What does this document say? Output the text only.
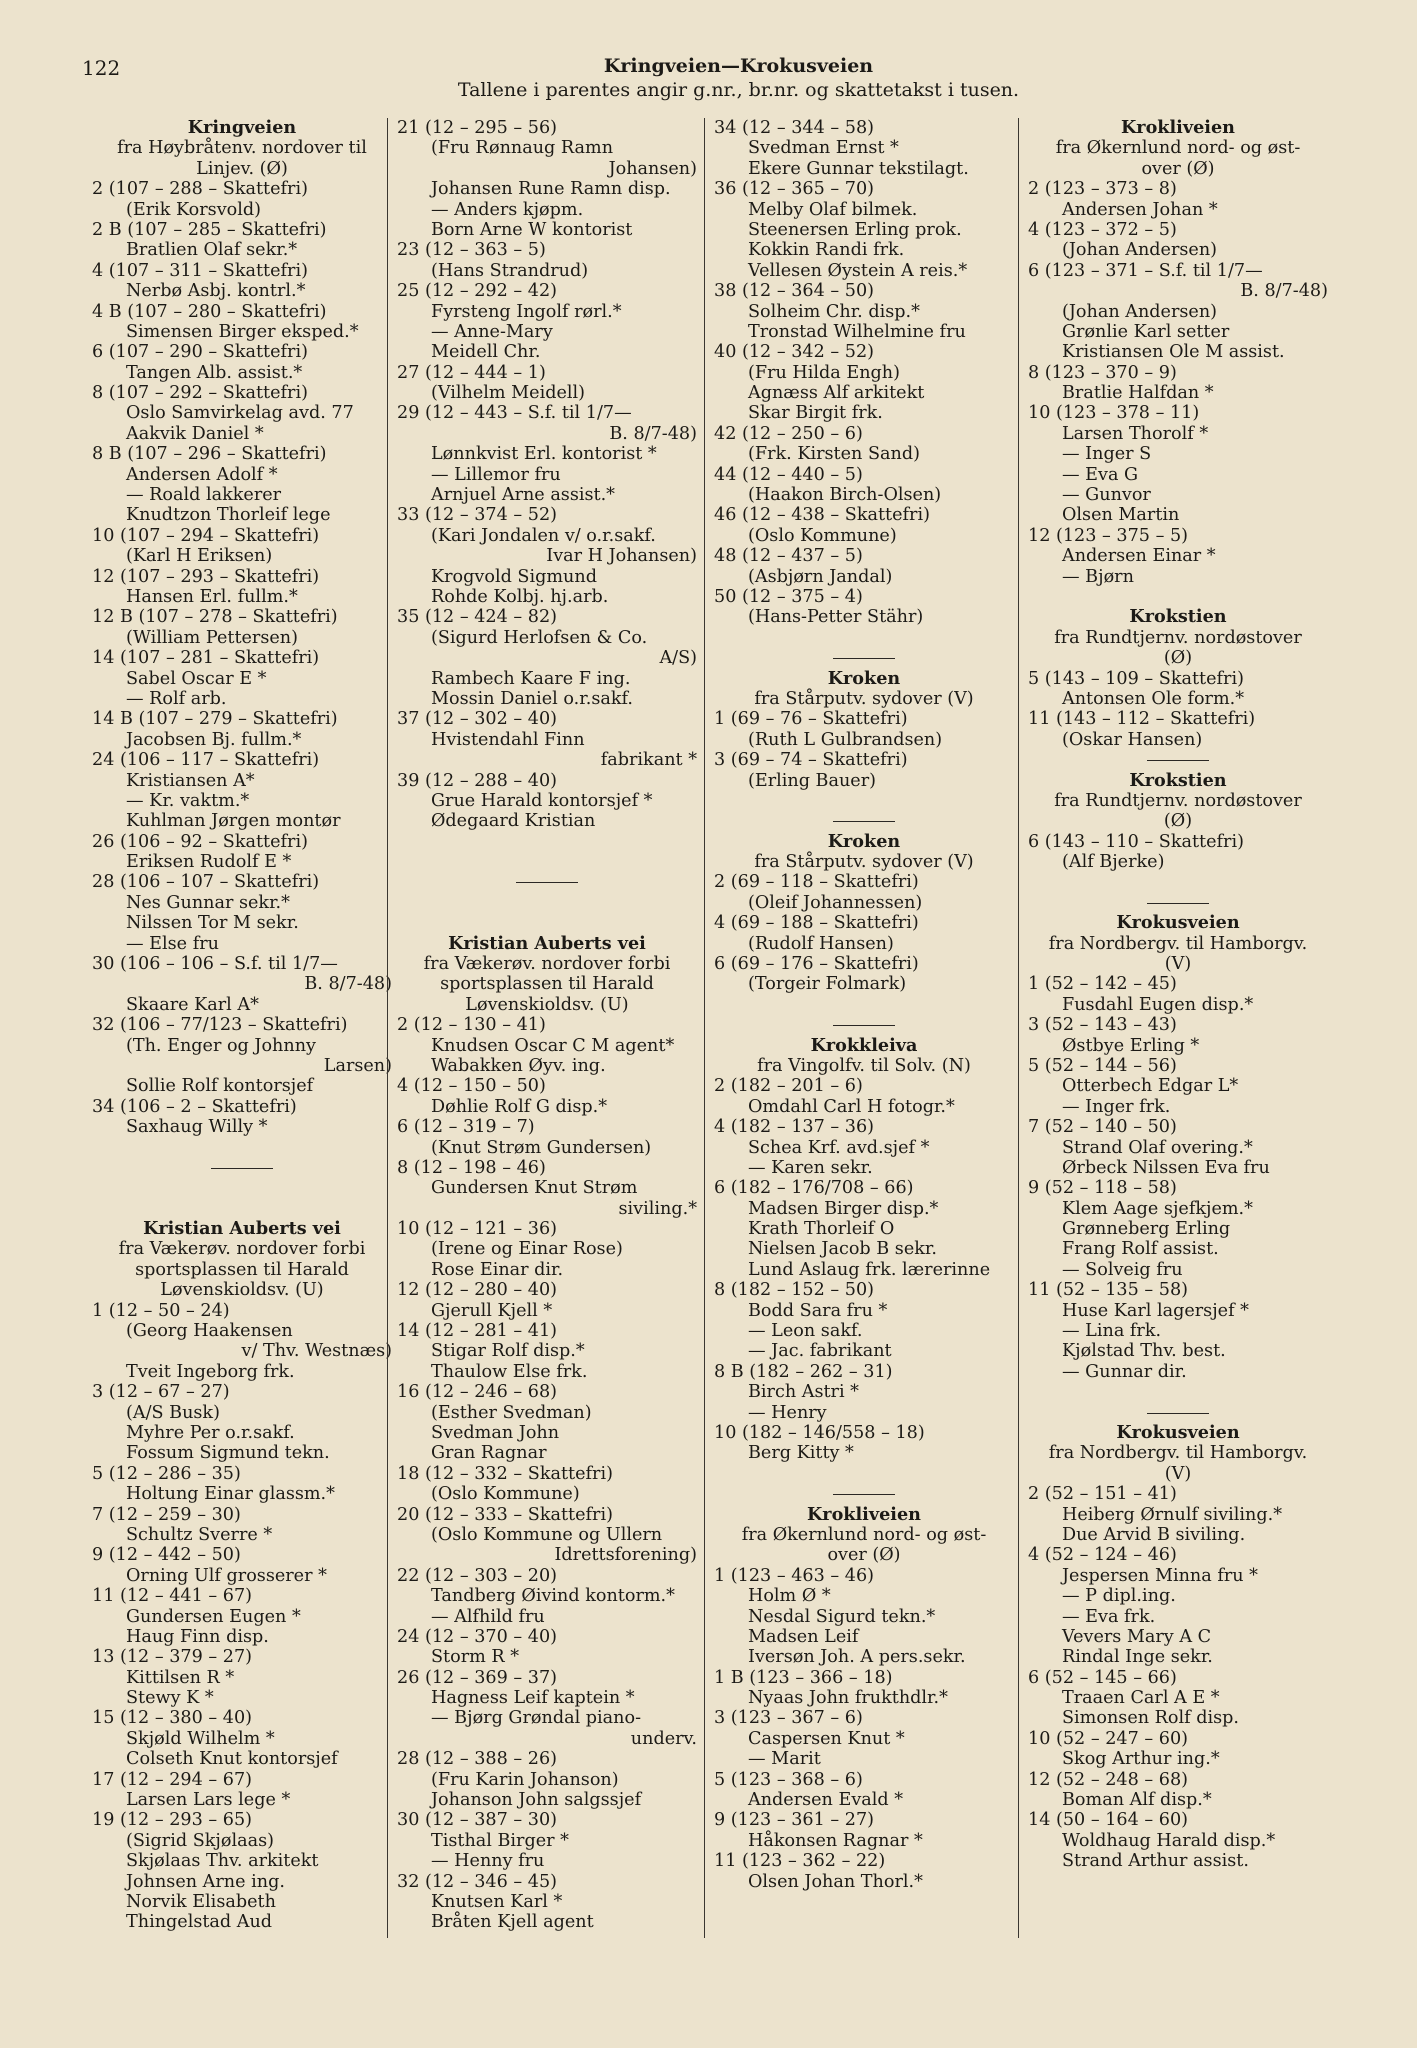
122	Kringveien—Krokusveien
Tallene i parentes angir g.nr., br.nr. og skattetakst i tusen.
Kringveien
fra Høybråtenv. nordover til
Linjev. (Ø)
2 (107 – 288 – Skattefri)
(Erik Korsvold)
2 B (107 – 285 – Skattefri)
Bratlien Olaf sekr.*
4 (107 – 311 – Skattefri)
Nerbø Asbj. kontrl.*
4 B (107 – 280 – Skattefri)
Simensen Birger eksped.*
6 (107 – 290 – Skattefri)
Tangen Alb. assist.*
8 (107 – 292 – Skattefri)
Oslo Samvirkelag avd. 77
Aakvik Daniel *
8 B (107 – 296 – Skattefri)
Andersen Adolf *
— Roald lakkerer
Knudtzon Thorleif lege
10 (107 – 294 – Skattefri)
(Karl H Eriksen)
12 (107 – 293 – Skattefri)
Hansen Erl. fullm.*
12 B (107 – 278 – Skattefri)
(William Pettersen)
14 (107 – 281 – Skattefri)
Sabel Oscar E *
— Rolf arb.
14 B (107 – 279 – Skattefri)
Jacobsen Bj. fullm.*
24 (106 – 117 – Skattefri)
Kristiansen A*
— Kr. vaktm.*
Kuhlman Jørgen montør
26 (106 – 92 – Skattefri)
Eriksen Rudolf E *
28 (106 – 107 – Skattefri)
Nes Gunnar sekr.*
Nilssen Tor M sekr.
— Else fru
30 (106 – 106 – S.f. til 1/7—
B. 8/7-48)
Skaare Karl A*
32 (106 – 77/123 – Skattefri)
(Th. Enger og Johnny
Larsen)
Sollie Rolf kontorsjef
34 (106 – 2 – Skattefri)
Saxhaug Willy *
Kristian Auberts vei
fra Vækerøv. nordover forbi
sportsplassen til Harald
Løvenskioldsv. (U)
1 (12 – 50 – 24)
(Georg Haakensen
v/ Thv. Westnæs)
Tveit Ingeborg frk.
3 (12 – 67 – 27)
(A/S Busk)
Myhre Per o.r.sakf.
Fossum Sigmund tekn.
5 (12 – 286 – 35)
Holtung Einar glassm.*
7 (12 – 259 – 30)
Schultz Sverre *
9 (12 – 442 – 50)
Orning Ulf grosserer *
11 (12 – 441 – 67)
Gundersen Eugen *
Haug Finn disp.
13 (12 – 379 – 27)
Kittilsen R *
Stewy K *
15 (12 – 380 – 40)
Skjøld Wilhelm *
Colseth Knut kontorsjef
17 (12 – 294 – 67)
Larsen Lars lege *
19 (12 – 293 – 65)
(Sigrid Skjølaas)
Skjølaas Thv. arkitekt
Johnsen Arne ing.
Norvik Elisabeth
Thingelstad Aud
21 (12 – 295 – 56)
(Fru Rønnaug Ramn
Johansen)
Johansen Rune Ramn disp.
— Anders kjøpm.
Born Arne W kontorist
23 (12 – 363 – 5)
(Hans Strandrud)
25 (12 – 292 – 42)
Fyrsteng Ingolf rørl.*
— Anne-Mary
Meidell Chr.
27 (12 – 444 – 1)
(Vilhelm Meidell)
29 (12 – 443 – S.f. til 1/7—
B. 8/7-48)
Lønnkvist Erl. kontorist *
— Lillemor fru
Arnjuel Arne assist.*
33 (12 – 374 – 52)
(Kari Jondalen v/ o.r.sakf.
Ivar H Johansen)
Krogvold Sigmund
Rohde Kolbj. hj.arb.
35 (12 – 424 – 82)
(Sigurd Herlofsen & Co.
A/S)
Rambech Kaare F ing.
Mossin Daniel o.r.sakf.
37 (12 – 302 – 40)
Hvistendahl Finn
fabrikant *
39 (12 – 288 – 40)
Grue Harald kontorsjef *
Ødegaard Kristian
Kristian Auberts vei
fra Vækerøv. nordover forbi
sportsplassen til Harald
Løvenskioldsv. (U)
2 (12 – 130 – 41)
Knudsen Oscar C M agent*
Wabakken Øyv. ing.
4 (12 – 150 – 50)
Døhlie Rolf G disp.*
6 (12 – 319 – 7)
(Knut Strøm Gundersen)
8 (12 – 198 – 46)
Gundersen Knut Strøm
siviling.*
10 (12 – 121 – 36)
(Irene og Einar Rose)
Rose Einar dir.
12 (12 – 280 – 40)
Gjerull Kjell *
14 (12 – 281 – 41)
Stigar Rolf disp.*
Thaulow Else frk.
16 (12 – 246 – 68)
(Esther Svedman)
Svedman John
Gran Ragnar
18 (12 – 332 – Skattefri)
(Oslo Kommune)
20 (12 – 333 – Skattefri)
(Oslo Kommune og Ullern
Idrettsforening)
22 (12 – 303 – 20)
Tandberg Øivind kontorm.*
— Alfhild fru
24 (12 – 370 – 40)
Storm R *
26 (12 – 369 – 37)
Hagness Leif kaptein *
— Bjørg Grøndal piano-
underv.
28 (12 – 388 – 26)
(Fru Karin Johanson)
Johanson John salgssjef
30 (12 – 387 – 30)
Tisthal Birger *
— Henny fru
32 (12 – 346 – 45)
Knutsen Karl *
Bråten Kjell agent
34 (12 – 344 – 58)
Svedman Ernst *
Ekere Gunnar tekstilagt.
36 (12 – 365 – 70)
Melby Olaf bilmek.
Steenersen Erling prok.
Kokkin Randi frk.
Vellesen Øystein A reis.*
38 (12 – 364 – 50)
Solheim Chr. disp.*
Tronstad Wilhelmine fru
40 (12 – 342 – 52)
(Fru Hilda Engh)
Agnæss Alf arkitekt
Skar Birgit frk.
42 (12 – 250 – 6)
(Frk. Kirsten Sand)
44 (12 – 440 – 5)
(Haakon Birch-Olsen)
46 (12 – 438 – Skattefri)
(Oslo Kommune)
48 (12 – 437 – 5)
(Asbjørn Jandal)
50 (12 – 375 – 4)
(Hans-Petter Stähr)
Kroken
fra Stårputv. sydover (V)
1 (69 – 76 – Skattefri)
(Ruth L Gulbrandsen)
3 (69 – 74 – Skattefri)
(Erling Bauer)
Kroken
fra Stårputv. sydover (V)
2 (69 – 118 – Skattefri)
(Oleif Johannessen)
4 (69 – 188 – Skattefri)
(Rudolf Hansen)
6 (69 – 176 – Skattefri)
(Torgeir Folmark)
Krokkleiva
fra Vingolfv. til Solv. (N)
2 (182 – 201 – 6)
Omdahl Carl H fotogr.*
4 (182 – 137 – 36)
Schea Krf. avd.sjef *
— Karen sekr.
6 (182 – 176/708 – 66)
Madsen Birger disp.*
Krath Thorleif O
Nielsen Jacob B sekr.
Lund Aslaug frk. lærerinne
8 (182 – 152 – 50)
Bodd Sara fru *
— Leon sakf.
— Jac. fabrikant
8 B (182 – 262 – 31)
Birch Astri *
— Henry
10 (182 – 146/558 – 18)
Berg Kitty *
Krokliveien
fra Økernlund nord- og øst-
over (Ø)
1 (123 – 463 – 46)
Holm Ø *
Nesdal Sigurd tekn.*
Madsen Leif
Iversøn Joh. A pers.sekr.
1 B (123 – 366 – 18)
Nyaas John frukthdlr.*
3 (123 – 367 – 6)
Caspersen Knut *
— Marit
5 (123 – 368 – 6)
Andersen Evald *
9 (123 – 361 – 27)
Håkonsen Ragnar *
11 (123 – 362 – 22)
Olsen Johan Thorl.*
Krokliveien
fra Økernlund nord- og øst-
over (Ø)
2 (123 – 373 – 8)
Andersen Johan *
4 (123 – 372 – 5)
(Johan Andersen)
6 (123 – 371 – S.f. til 1/7—
B. 8/7-48)
(Johan Andersen)
Grønlie Karl setter
Kristiansen Ole M assist.
8 (123 – 370 – 9)
Bratlie Halfdan *
10 (123 – 378 – 11)
Larsen Thorolf *
— Inger S
— Eva G
— Gunvor
Olsen Martin
12 (123 – 375 – 5)
Andersen Einar *
— Bjørn
Krokstien
fra Rundtjernv. nordøstover
(Ø)
5 (143 – 109 – Skattefri)
Antonsen Ole form.*
11 (143 – 112 – Skattefri)
(Oskar Hansen)
Krokstien
fra Rundtjernv. nordøstover
(Ø)
6 (143 – 110 – Skattefri)
(Alf Bjerke)
Krokusveien
fra Nordbergv. til Hamborgv.
(V)
1 (52 – 142 – 45)
Fusdahl Eugen disp.*
3 (52 – 143 – 43)
Østbye Erling *
5 (52 – 144 – 56)
Otterbech Edgar L*
— Inger frk.
7 (52 – 140 – 50)
Strand Olaf overing.*
Ørbeck Nilssen Eva fru
9 (52 – 118 – 58)
Klem Aage sjefkjem.*
Grønneberg Erling
Frang Rolf assist.
— Solveig fru
11 (52 – 135 – 58)
Huse Karl lagersjef *
— Lina frk.
Kjølstad Thv. best.
— Gunnar dir.
Krokusveien
fra Nordbergv. til Hamborgv.
(V)
2 (52 – 151 – 41)
Heiberg Ørnulf siviling.*
Due Arvid B siviling.
4 (52 – 124 – 46)
Jespersen Minna fru *
— P dipl.ing.
— Eva frk.
Vevers Mary A C
Rindal Inge sekr.
6 (52 – 145 – 66)
Traaen Carl A E *
Simonsen Rolf disp.
10 (52 – 247 – 60)
Skog Arthur ing.*
12 (52 – 248 – 68)
Boman Alf disp.*
14 (50 – 164 – 60)
Woldhaug Harald disp.*
Strand Arthur assist.
